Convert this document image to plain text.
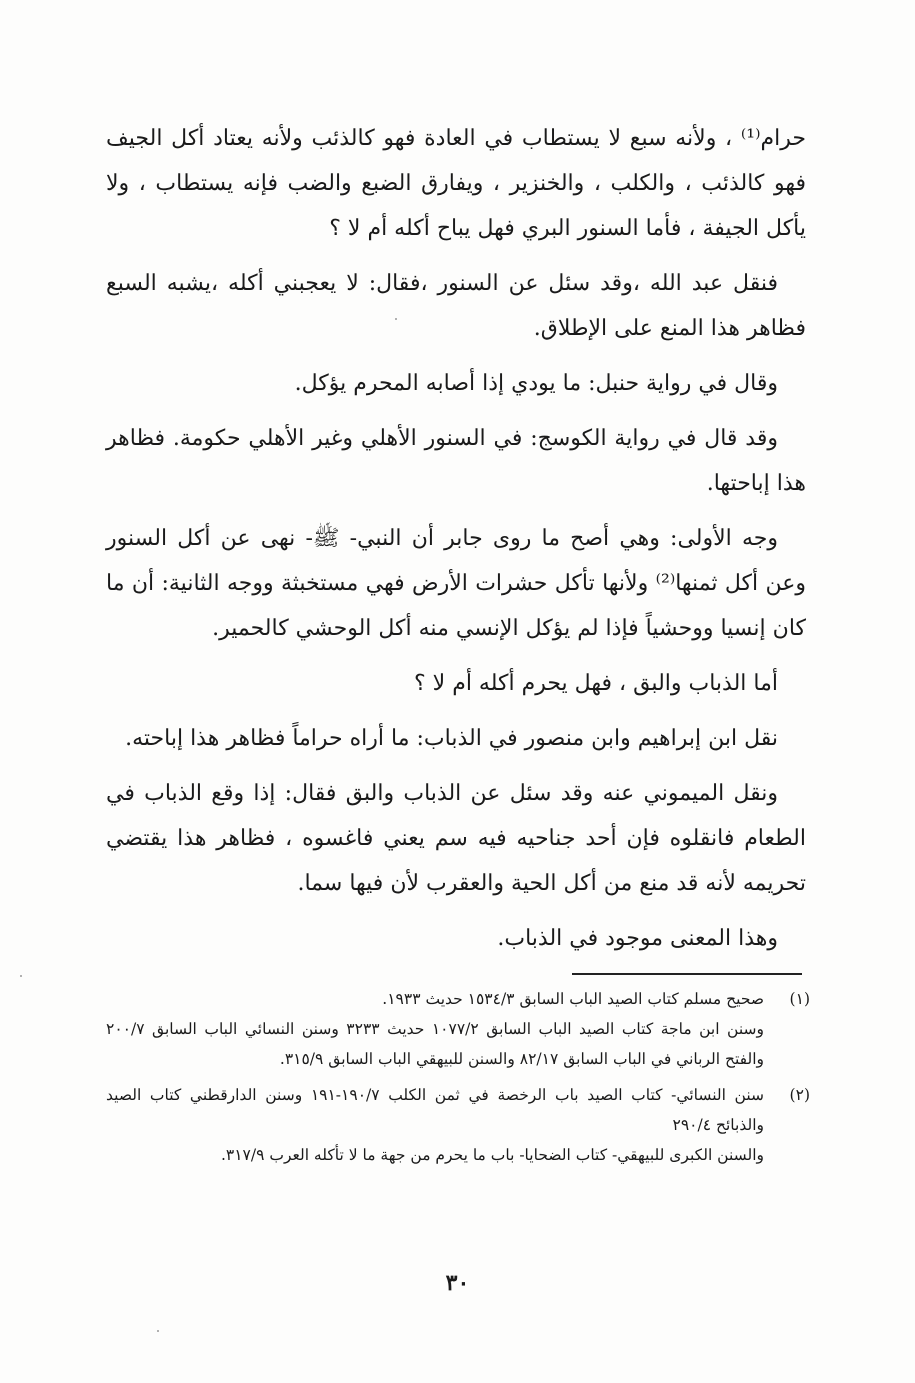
حرام⁽¹⁾ ، ولأنه سبع لا يستطاب في العادة فهو كالذئب ولأنه يعتاد أكل الجيف فهو كالذئب ، والكلب ، والخنزير ، ويفارق الضبع والضب فإنه يستطاب ، ولا يأكل الجيفة ، فأما السنور البري فهل يباح أكله أم لا ؟

فنقل عبد الله ،وقد سئل عن السنور ،فقال: لا يعجبني أكله ،يشبه السبع فظاهر هذا المنع على الإطلاق.

وقال في رواية حنبل: ما يودي إذا أصابه المحرم يؤكل.

وقد قال في رواية الكوسج: في السنور الأهلي وغير الأهلي حكومة. فظاهر هذا إباحتها.

وجه الأولى: وهي أصح ما روى جابر أن النبي- ﷺ- نهى عن أكل السنور وعن أكل ثمنها⁽²⁾ ولأنها تأكل حشرات الأرض فهي مستخبثة ووجه الثانية: أن ما كان إنسيا ووحشياً فإذا لم يؤكل الإنسي منه أكل الوحشي كالحمير.

أما الذباب والبق ، فهل يحرم أكله أم لا ؟

نقل ابن إبراهيم وابن منصور في الذباب: ما أراه حراماً فظاهر هذا إباحته.

ونقل الميموني عنه وقد سئل عن الذباب والبق فقال: إذا وقع الذباب في الطعام فانقلوه فإن أحد جناحيه فيه سم يعني فاغسوه ، فظاهر هذا يقتضي تحريمه لأنه قد منع من أكل الحية والعقرب لأن فيها سما.

وهذا المعنى موجود في الذباب.

(١)

صحيح مسلم كتاب الصيد الباب السابق ١٥٣٤/٣ حديث ١٩٣٣.

وسنن ابن ماجة كتاب الصيد الباب السابق ١٠٧٧/٢ حديث ٣٢٣٣ وسنن النسائي الباب السابق ٢٠٠/٧ والفتح الرباني في الباب السابق ٨٢/١٧ والسنن للبيهقي الباب السابق ٣١٥/٩.

(٢)

سنن النسائي- كتاب الصيد باب الرخصة في ثمن الكلب ١٩٠/٧-١٩١ وسنن الدارقطني كتاب الصيد والذبائح ٢٩٠/٤

والسنن الكبرى للبيهقي- كتاب الضحايا- باب ما يحرم من جهة ما لا تأكله العرب ٣١٧/٩.

٣٠
